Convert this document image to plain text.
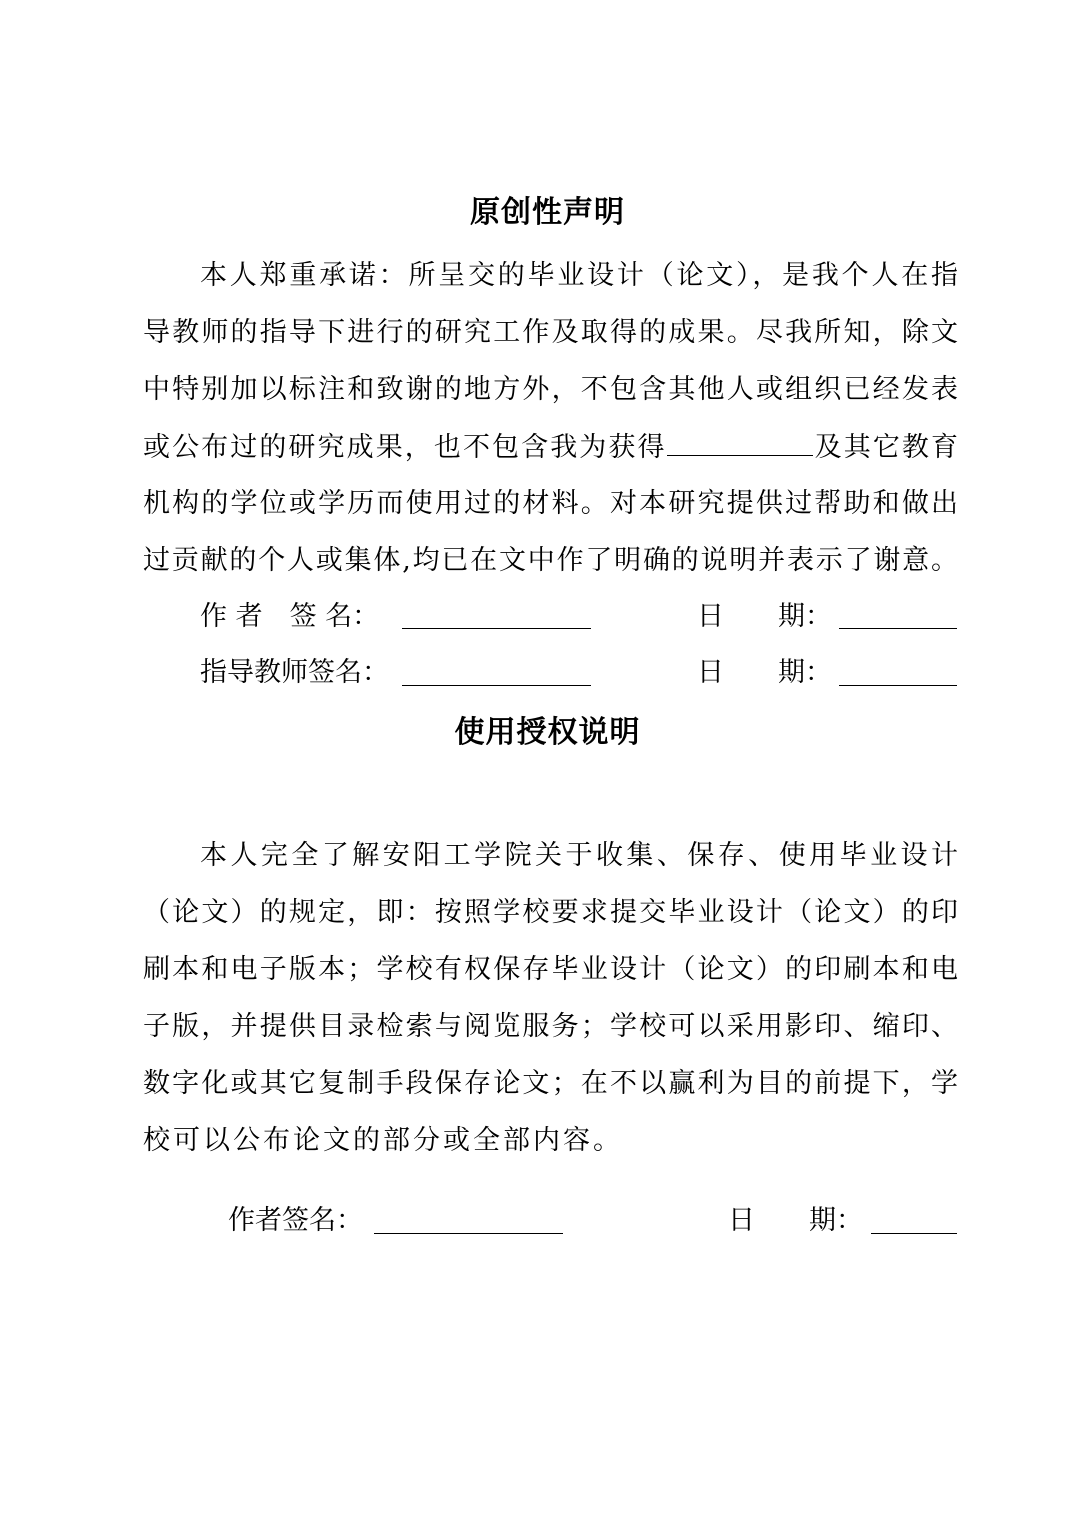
原创性声明
本人郑重承诺：所呈交的毕业设计（论文），是我个人在指
导教师的指导下进行的研究工作及取得的成果。尽我所知，除文
中特别加以标注和致谢的地方外，不包含其他人或组织已经发表
或公布过的研究成果，也不包含我为获得	及其它教育
机构的学位或学历而使用过的材料。对本研究提供过帮助和做出
过贡献的个人或集体,均已在文中作了明确的说明并表示了谢意。
作 者　签 名：	日　　期：
指导教师签名：	日　　期：
使用授权说明
本人完全了解安阳工学院关于收集、保存、使用毕业设计
（论文）的规定，即：按照学校要求提交毕业设计（论文）的印
刷本和电子版本；学校有权保存毕业设计（论文）的印刷本和电
子版，并提供目录检索与阅览服务；学校可以采用影印、缩印、
数字化或其它复制手段保存论文；在不以赢利为目的前提下，学
校可以公布论文的部分或全部内容。
作者签名：	日　　期：
